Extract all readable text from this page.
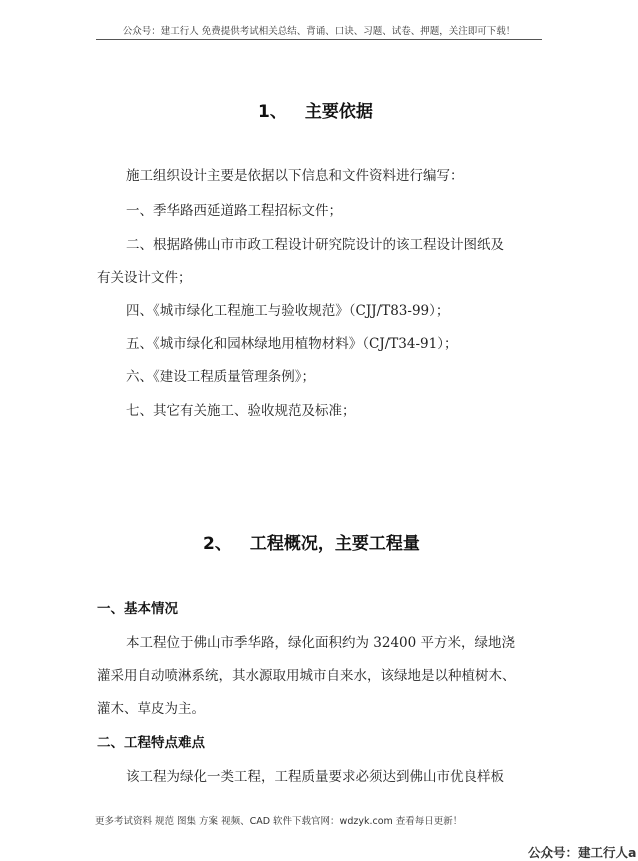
公众号：建工行人 免费提供考试相关总结、背诵、口诀、习题、试卷、押题，关注即可下载！
1、 主要依据
施工组织设计主要是依据以下信息和文件资料进行编写：
一、季华路西延道路工程招标文件；
二、根据路佛山市市政工程设计研究院设计的该工程设计图纸及
有关设计文件；
四、《城市绿化工程施工与验收规范》（CJJ/T83-99）；
五、《城市绿化和园林绿地用植物材料》（CJ/T34-91）；
六、《建设工程质量管理条例》；
七、其它有关施工、验收规范及标准；
2、 工程概况，主要工程量
一、基本情况
本工程位于佛山市季华路，绿化面积约为 32400 平方米，绿地浇
灌采用自动喷淋系统，其水源取用城市自来水，该绿地是以种植树木、
灌木、草皮为主。
二、工程特点难点
该工程为绿化一类工程，工程质量要求必须达到佛山市优良样板
更多考试资料 规范 图集 方案 视频、CAD 软件下载官网：wdzyk.com 查看每日更新！
公众号：建工行人a
